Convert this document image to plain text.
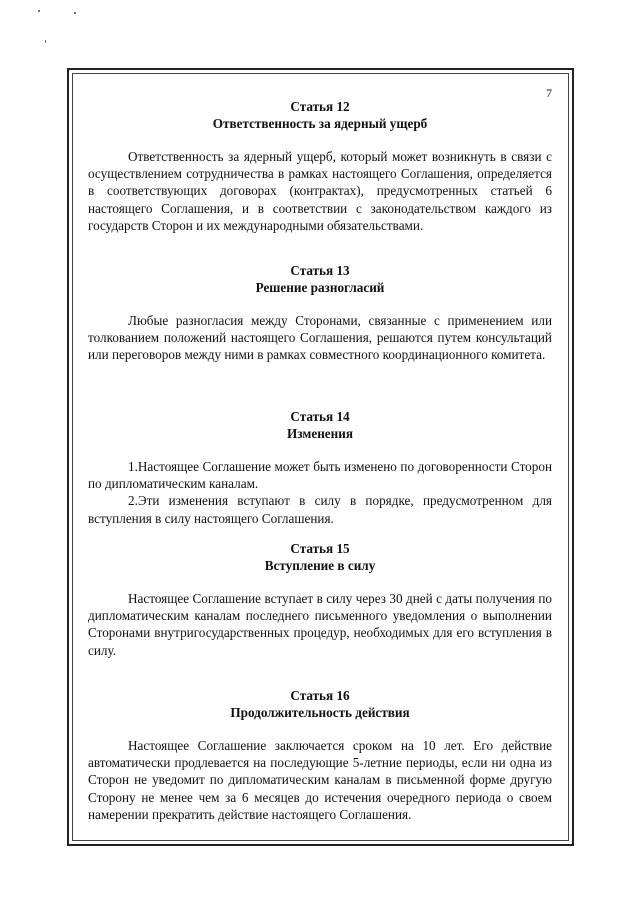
7
Статья 12
Ответственность за ядерный ущерб

Ответственность за ядерный ущерб, который может возникнуть в связи с осуществлением сотрудничества в рамках настоящего Соглашения, определяется в соответствующих договорах (контрактах), предусмотренных статьей 6 настоящего Соглашения, и в соответствии с законодательством каждого из государств Сторон и их международными обязательствами.

Статья 13
Решение разногласий

Любые разногласия между Сторонами, связанные с применением или толкованием положений настоящего Соглашения, решаются путем консультаций или переговоров между ними в рамках совместного координационного комитета.

Статья 14
Изменения

1.Настоящее Соглашение может быть изменено по договоренности Сторон по дипломатическим каналам.

2.Эти изменения вступают в силу в порядке, предусмотренном для вступления в силу настоящего Соглашения.

Статья 15
Вступление в силу

Настоящее Соглашение вступает в силу через 30 дней с даты получения по дипломатическим каналам последнего письменного уведомления о выполнении Сторонами внутригосударственных процедур, необходимых для его вступления в силу.

Статья 16
Продолжительность действия

Настоящее Соглашение заключается сроком на 10 лет. Его действие автоматически продлевается на последующие 5-летние периоды, если ни одна из Сторон не уведомит по дипломатическим каналам в письменной форме другую Сторону не менее чем за 6 месяцев до истечения очередного периода о своем намерении прекратить действие настоящего Соглашения.
